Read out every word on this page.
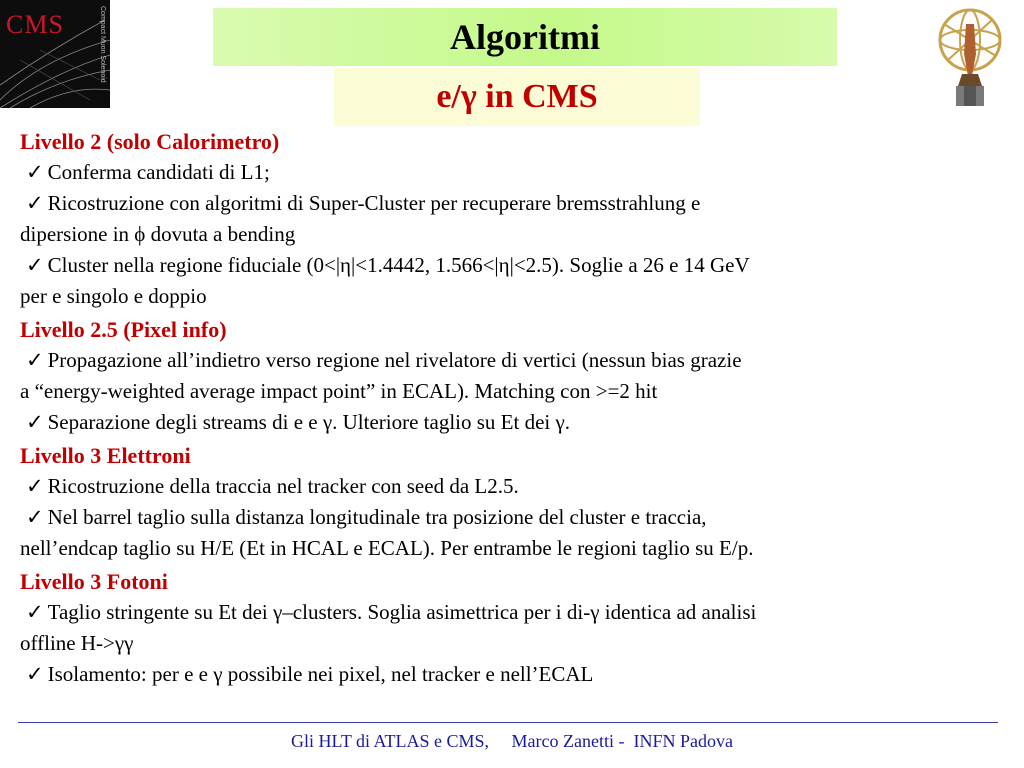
CMS	Compact Muon Solenoid	Algoritmi
e/γ in CMS

Livello 2 (solo Calorimetro)

✓ Conferma candidati di L1;

✓ Ricostruzione con algoritmi di Super-Cluster per recuperare bremsstrahlung e
dipersione in ϕ dovuta a bending

✓ Cluster nella regione fiduciale (0<|η|<1.4442, 1.566<|η|<2.5). Soglie a 26 e 14 GeV
per e singolo e doppio

Livello 2.5 (Pixel info)

✓ Propagazione all’indietro verso regione nel rivelatore di vertici (nessun bias grazie
a “energy-weighted average impact point” in ECAL). Matching con >=2 hit

✓ Separazione degli streams di e e γ. Ulteriore taglio su Et dei γ.

Livello 3 Elettroni

✓ Ricostruzione della traccia nel tracker con seed da L2.5.

✓ Nel barrel taglio sulla distanza longitudinale tra posizione del cluster e traccia,
nell’endcap taglio su H/E (Et in HCAL e ECAL). Per entrambe le regioni taglio su E/p.

Livello 3 Fotoni

✓ Taglio stringente su Et dei γ–clusters. Soglia asimettrica per i di-γ identica ad analisi
offline H->γγ

✓ Isolamento: per e e γ possibile nei pixel, nel tracker e nell’ECAL

Gli HLT di ATLAS e CMS, Marco Zanetti -  INFN Padova
